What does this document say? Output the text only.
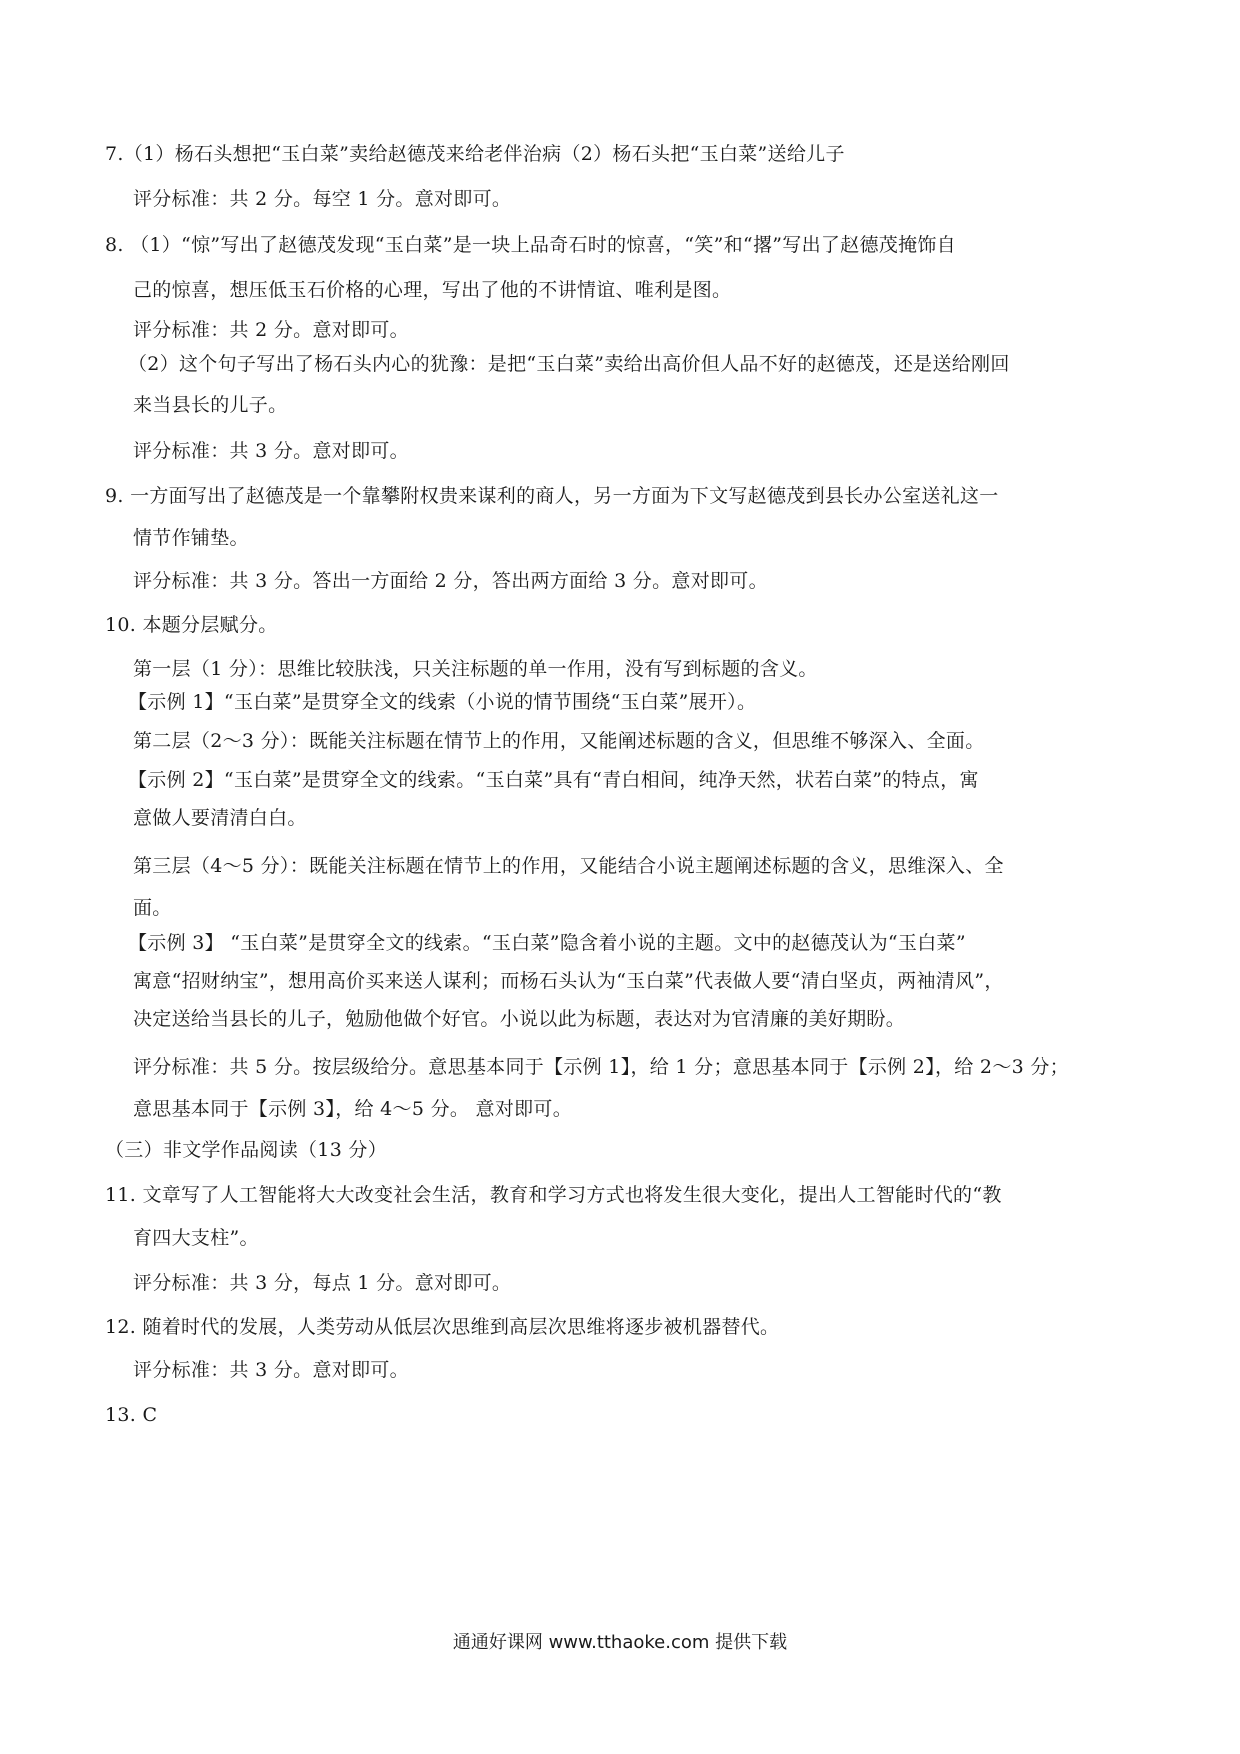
7.（1）杨石头想把“玉白菜”卖给赵德茂来给老伴治病（2）杨石头把“玉白菜”送给儿子
评分标准：共 2 分。每空 1 分。意对即可。
8. （1）“惊”写出了赵德茂发现“玉白菜”是一块上品奇石时的惊喜，“笑”和“撂”写出了赵德茂掩饰自
己的惊喜，想压低玉石价格的心理，写出了他的不讲情谊、唯利是图。
评分标准：共 2 分。意对即可。
（2）这个句子写出了杨石头内心的犹豫：是把“玉白菜”卖给出高价但人品不好的赵德茂，还是送给刚回
来当县长的儿子。
评分标准：共 3 分。意对即可。
9. 一方面写出了赵德茂是一个靠攀附权贵来谋利的商人，另一方面为下文写赵德茂到县长办公室送礼这一
情节作铺垫。
评分标准：共 3 分。答出一方面给 2 分，答出两方面给 3 分。意对即可。
10. 本题分层赋分。
第一层（1 分）：思维比较肤浅，只关注标题的单一作用，没有写到标题的含义。
【示例 1】“玉白菜”是贯穿全文的线索（小说的情节围绕“玉白菜”展开）。
第二层（2～3 分）：既能关注标题在情节上的作用，又能阐述标题的含义，但思维不够深入、全面。
【示例 2】“玉白菜”是贯穿全文的线索。“玉白菜”具有“青白相间，纯净天然，状若白菜”的特点，寓
意做人要清清白白。
第三层（4～5 分）：既能关注标题在情节上的作用，又能结合小说主题阐述标题的含义，思维深入、全
面。
【示例 3】 “玉白菜”是贯穿全文的线索。“玉白菜”隐含着小说的主题。文中的赵德茂认为“玉白菜”
寓意“招财纳宝”，想用高价买来送人谋利；而杨石头认为“玉白菜”代表做人要“清白坚贞，两袖清风”，
决定送给当县长的儿子，勉励他做个好官。小说以此为标题，表达对为官清廉的美好期盼。
评分标准：共 5 分。按层级给分。意思基本同于【示例 1】，给 1 分；意思基本同于【示例 2】，给 2～3 分；
意思基本同于【示例 3】，给 4～5 分。 意对即可。
（三）非文学作品阅读（13 分）
11. 文章写了人工智能将大大改变社会生活，教育和学习方式也将发生很大变化，提出人工智能时代的“教
育四大支柱”。
评分标准：共 3 分，每点 1 分。意对即可。
12. 随着时代的发展，人类劳动从低层次思维到高层次思维将逐步被机器替代。
评分标准：共 3 分。意对即可。
13. C
通通好课网 www.tthaoke.com 提供下载
